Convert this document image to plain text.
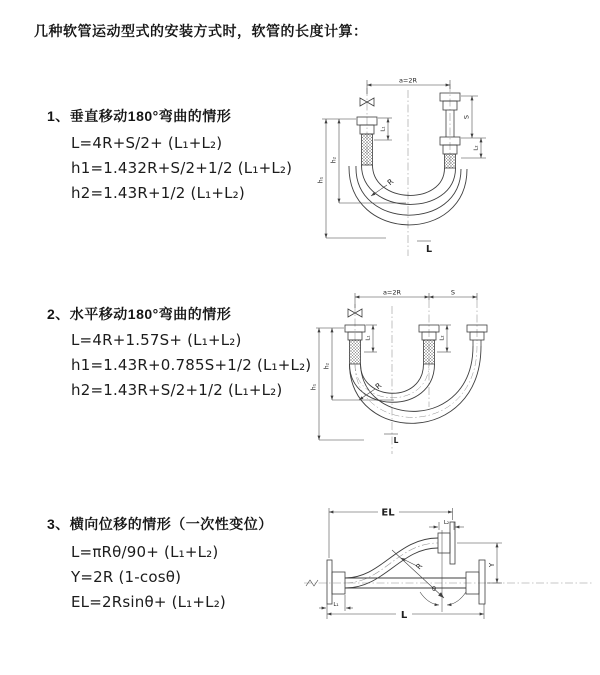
几种软管运动型式的安装方式时，软管的长度计算：
1、垂直移动180°弯曲的情形
L=4R+S/2+ (L₁+L₂)
h1=1.432R+S/2+1/2 (L₁+L₂)
h2=1.43R+1/2 (L₁+L₂)
2、水平移动180°弯曲的情形
L=4R+1.57S+ (L₁+L₂)
h1=1.43R+0.785S+1/2 (L₁+L₂)
h2=1.43R+S/2+1/2 (L₁+L₂)
3、横向位移的情形（一次性变位）
L=πRθ/90+ (L₁+L₂)
Y=2R (1-cosθ)
EL=2Rsinθ+ (L₁+L₂)
R
a=2R
S
L₂
L₁
h₁
h₂
L
R
a=2R	S
L₁	L₂
h₁
h₂
L
R
EL
L₂
Y
θ
L₁
L
